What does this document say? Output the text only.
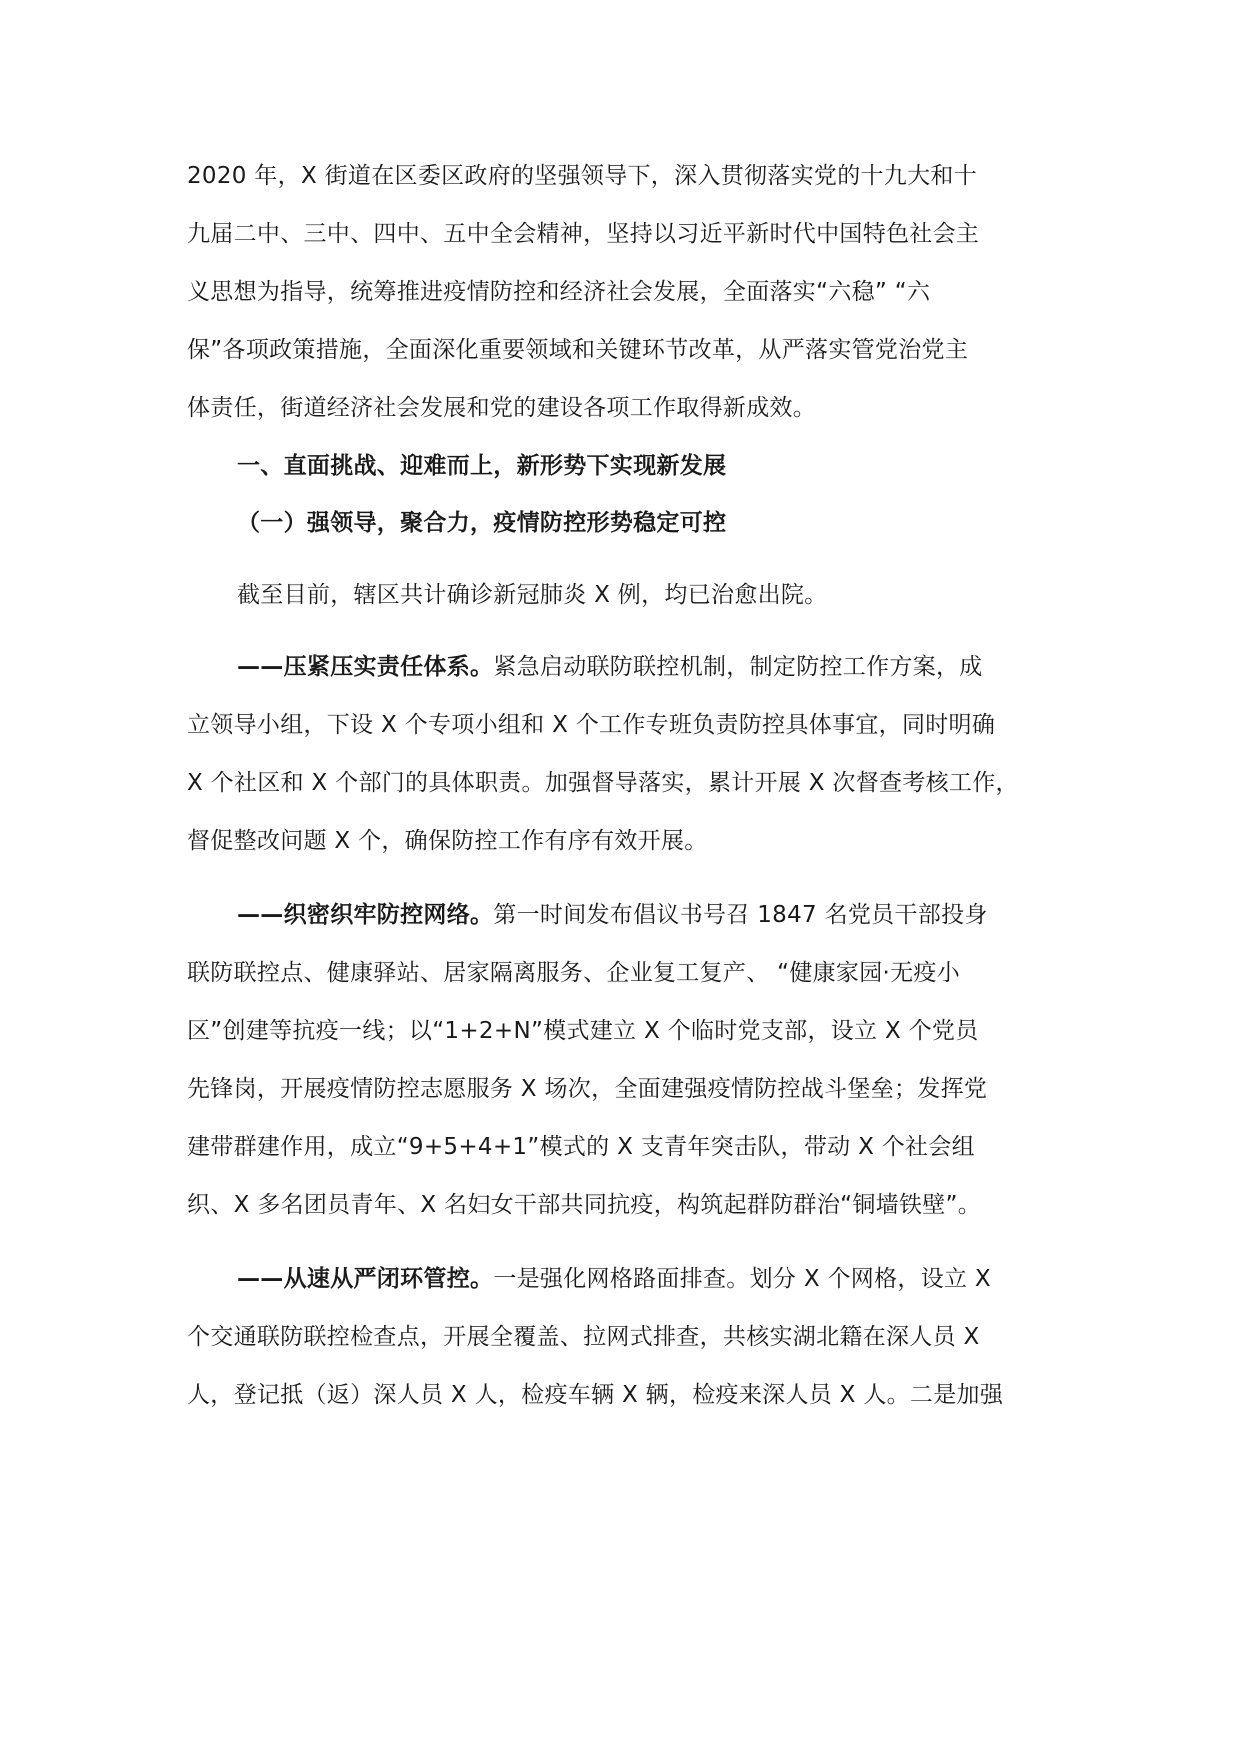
2020 年，X 街道在区委区政府的坚强领导下，深入贯彻落实党的十九大和十
九届二中、三中、四中、五中全会精神，坚持以习近平新时代中国特色社会主
义思想为指导，统筹推进疫情防控和经济社会发展，全面落实“六稳” “六
保”各项政策措施，全面深化重要领域和关键环节改革，从严落实管党治党主
体责任，街道经济社会发展和党的建设各项工作取得新成效。
一、直面挑战、迎难而上，新形势下实现新发展
（一）强领导，聚合力，疫情防控形势稳定可控
截至目前，辖区共计确诊新冠肺炎 X 例，均已治愈出院。
——压紧压实责任体系。紧急启动联防联控机制，制定防控工作方案，成
立领导小组，下设 X 个专项小组和 X 个工作专班负责防控具体事宜，同时明确
X 个社区和 X 个部门的具体职责。加强督导落实，累计开展 X 次督查考核工作，
督促整改问题 X 个，确保防控工作有序有效开展。
——织密织牢防控网络。第一时间发布倡议书号召 1847 名党员干部投身
联防联控点、健康驿站、居家隔离服务、企业复工复产、 “健康家园·无疫小
区”创建等抗疫一线；以“1+2+N”模式建立 X 个临时党支部，设立 X 个党员
先锋岗，开展疫情防控志愿服务 X 场次，全面建强疫情防控战斗堡垒；发挥党
建带群建作用，成立“9+5+4+1”模式的 X 支青年突击队，带动 X 个社会组
织、X 多名团员青年、X 名妇女干部共同抗疫，构筑起群防群治“铜墙铁壁”。
——从速从严闭环管控。一是强化网格路面排查。划分 X 个网格，设立 X
个交通联防联控检查点，开展全覆盖、拉网式排查，共核实湖北籍在深人员 X
人，登记抵（返）深人员 X 人，检疫车辆 X 辆，检疫来深人员 X 人。二是加强
